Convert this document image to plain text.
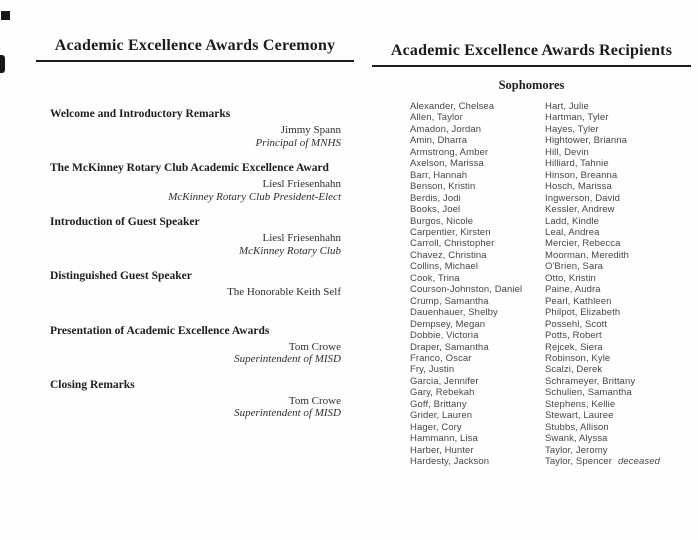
Academic Excellence Awards Ceremony
Welcome and Introductory Remarks
Jimmy Spann
Principal of MNHS
The McKinney Rotary Club Academic Excellence Award
Liesl Friesenhahn
McKinney Rotary Club President-Elect
Introduction of Guest Speaker
Liesl Friesenhahn
McKinney Rotary Club
Distinguished Guest Speaker
The Honorable Keith Self
Presentation of Academic Excellence Awards
Tom Crowe
Superintendent of MISD
Closing Remarks
Tom Crowe
Superintendent of MISD
Academic Excellence Awards Recipients
Sophomores
Alexander, Chelsea
Allen, Taylor
Amadon, Jordan
Amin, Dharra
Armstrong, Amber
Axelson, Marissa
Barr, Hannah
Benson, Kristin
Berdis, Jodi
Books, Joel
Burgos, Nicole
Carpentier, Kirsten
Carroll, Christopher
Chavez, Christina
Collins, Michael
Cook, Trina
Courson-Johnston, Daniel
Crump, Samantha
Dauenhauer, Shelby
Dempsey, Megan
Dobbie, Victoria
Draper, Samantha
Franco, Oscar
Fry, Justin
Garcia, Jennifer
Gary, Rebekah
Goff, Brittany
Grider, Lauren
Hager, Cory
Hammann, Lisa
Harber, Hunter
Hardesty, Jackson
Hart, Julie
Hartman, Tyler
Hayes, Tyler
Hightower, Brianna
Hill, Devin
Hilliard, Tahnie
Hinson, Breanna
Hosch, Marissa
Ingwerson, David
Kessler, Andrew
Ladd, Kindle
Leal, Andrea
Mercier, Rebecca
Moorman, Meredith
O'Brien, Sara
Otto, Kristin
Paine, Audra
Pearl, Kathleen
Philpot, Elizabeth
Possehl, Scott
Potts, Robert
Rejcek, Siera
Robinson, Kyle
Scalzi, Derek
Schrameyer, Brittany
Schulien, Samantha
Stephens, Kellie
Stewart, Lauree
Stubbs, Allison
Swank, Alyssa
Taylor, Jeromy
Taylor, Spencer deceased
